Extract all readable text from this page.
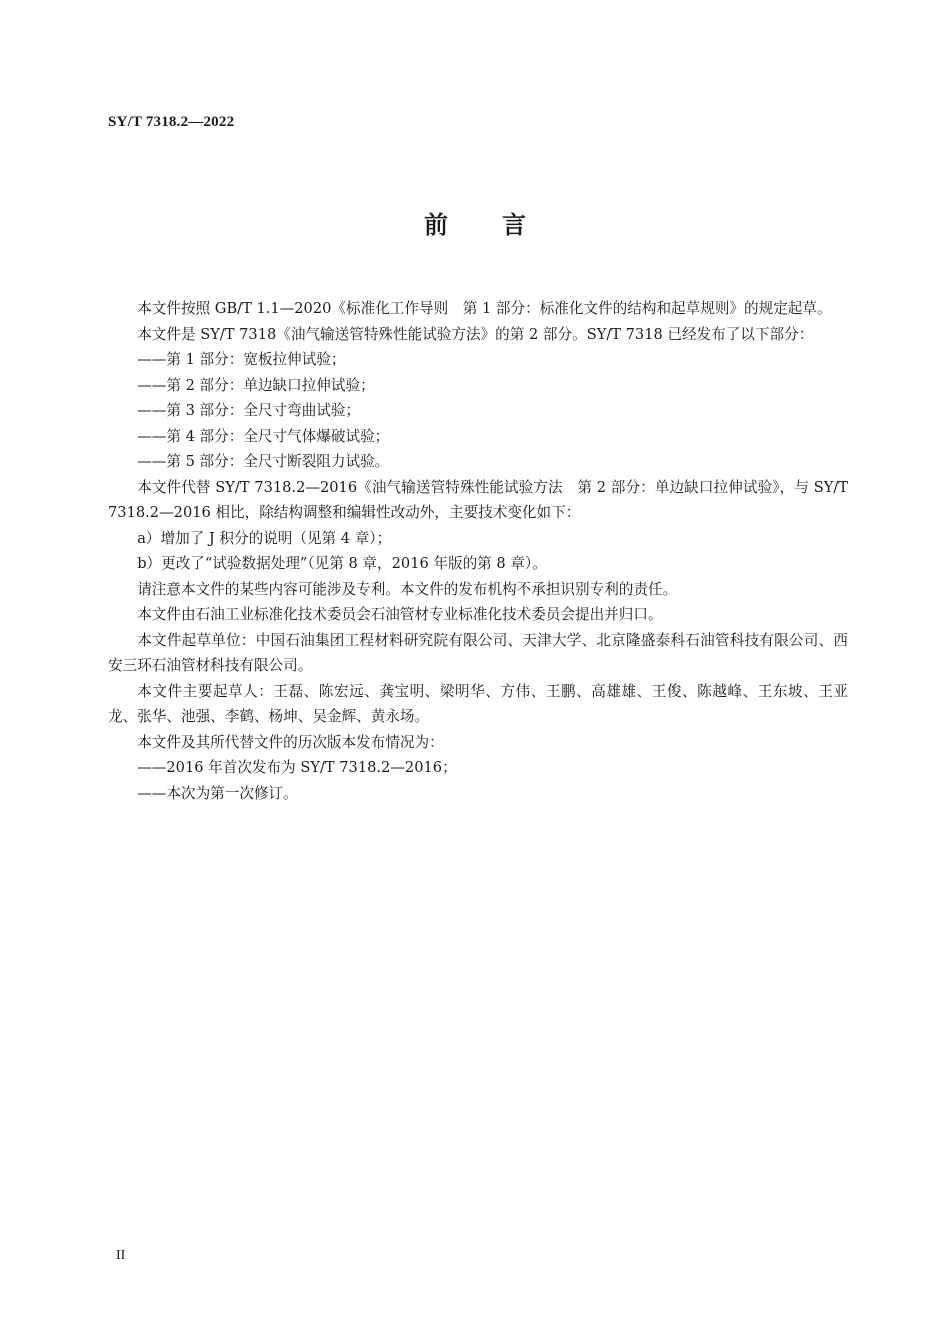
SY/T 7318.2—2022
前 言

本文件按照 GB/T 1.1—2020《标准化工作导则　第 1 部分：标准化文件的结构和起草规则》的规定起草。

本文件是 SY/T 7318《油气输送管特殊性能试验方法》的第 2 部分。SY/T 7318 已经发布了以下部分：

——第 1 部分：宽板拉伸试验；

——第 2 部分：单边缺口拉伸试验；

——第 3 部分：全尺寸弯曲试验；

——第 4 部分：全尺寸气体爆破试验；

——第 5 部分：全尺寸断裂阻力试验。

本文件代替 SY/T 7318.2—2016《油气输送管特殊性能试验方法　第 2 部分：单边缺口拉伸试验》，与 SY/T 7318.2—2016 相比，除结构调整和编辑性改动外，主要技术变化如下：

a）增加了 J 积分的说明（见第 4 章）；

b）更改了“试验数据处理”（见第 8 章，2016 年版的第 8 章）。

请注意本文件的某些内容可能涉及专利。本文件的发布机构不承担识别专利的责任。

本文件由石油工业标准化技术委员会石油管材专业标准化技术委员会提出并归口。

本文件起草单位：中国石油集团工程材料研究院有限公司、天津大学、北京隆盛泰科石油管科技有限公司、西安三环石油管材科技有限公司。

本文件主要起草人：王磊、陈宏远、龚宝明、梁明华、方伟、王鹏、高雄雄、王俊、陈越峰、王东坡、王亚龙、张华、池强、李鹤、杨坤、吴金辉、黄永场。

本文件及其所代替文件的历次版本发布情况为：

——2016 年首次发布为 SY/T 7318.2—2016；

——本次为第一次修订。

II
